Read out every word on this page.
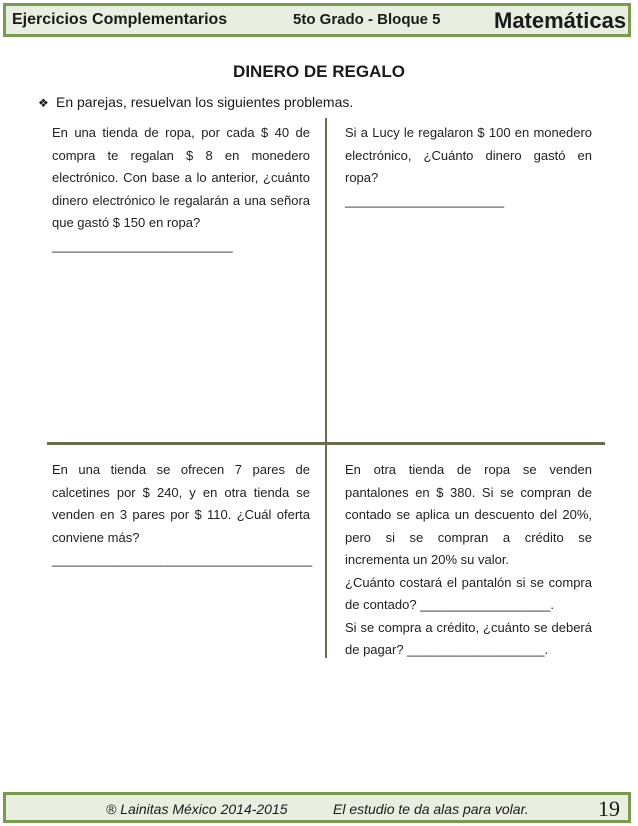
Ejercicios Complementarios	5to Grado - Bloque 5 Matemáticas
DINERO DE REGALO
❖ En parejas, resuelvan los siguientes problemas.

En una tienda de ropa, por cada $ 40 de compra te regalan $ 8 en monedero electrónico. Con base a lo anterior, ¿cuánto dinero electrónico le regalarán a una señora que gastó $ 150 en ropa?

_________________________

Si a Lucy le regalaron $ 100 en monedero electrónico, ¿Cuánto dinero gastó en ropa?

______________________

En una tienda se ofrecen 7 pares de calcetines por $ 240, y en otra tienda se venden en 3 pares por $ 110. ¿Cuál oferta conviene más?

____________________________________

En otra tienda de ropa se venden pantalones en $ 380. Si se compran de contado se aplica un descuento del 20%, pero si se compran a crédito se incrementa un 20% su valor.

¿Cuánto costará el pantalón si se compra de contado? __________________.

Si se compra a crédito, ¿cuánto se deberá de pagar? ___________________.

® Lainitas México 2014-2015	El estudio te da alas para volar.	19
